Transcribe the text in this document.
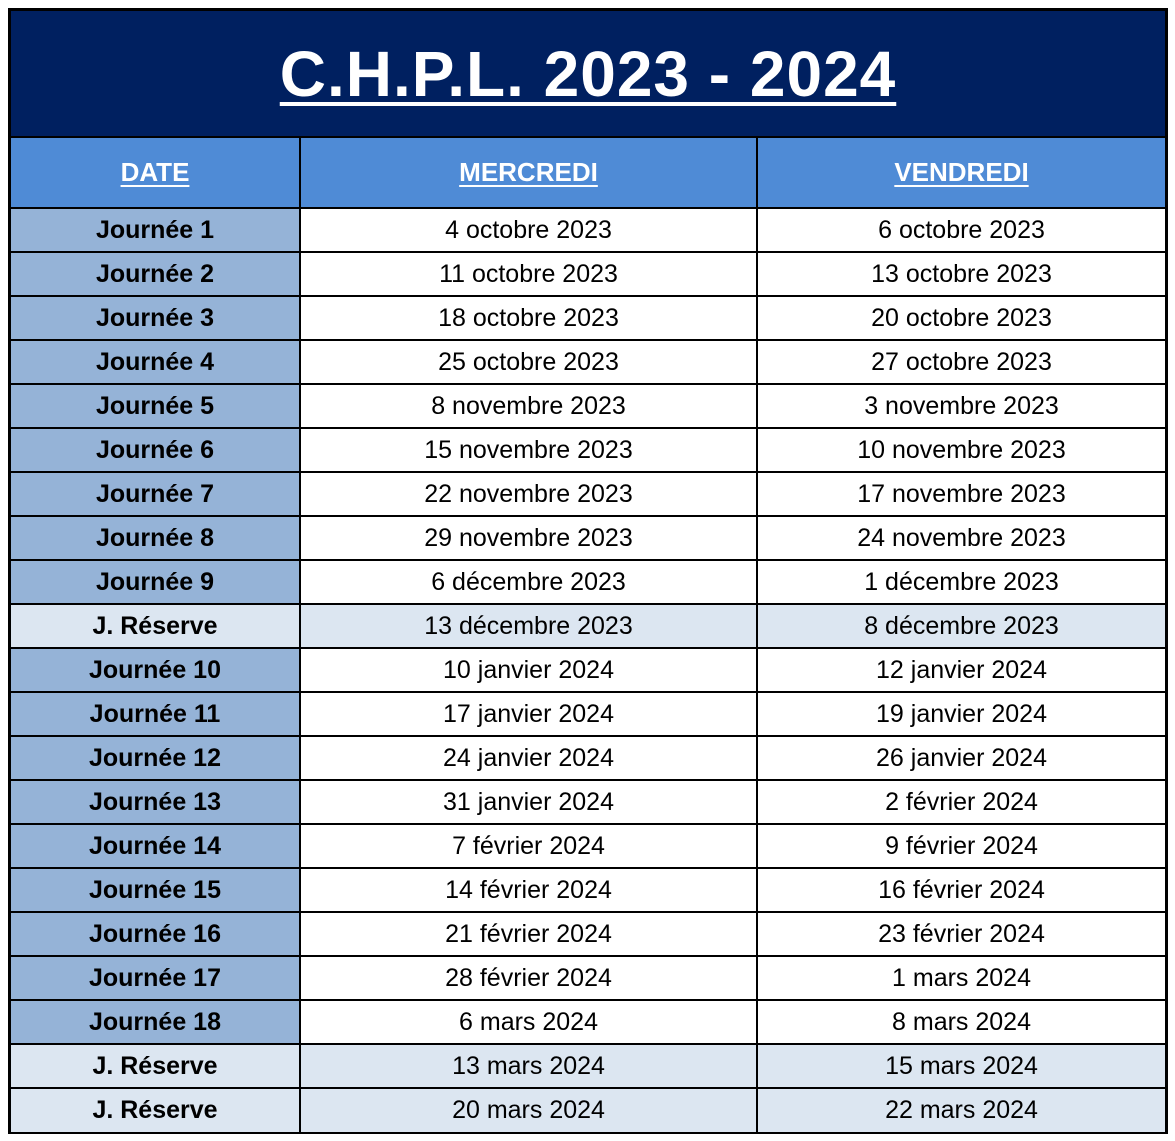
C.H.P.L. 2023 - 2024
DATE	MERCREDI	VENDREDI
Journée 1	4 octobre 2023	6 octobre 2023
Journée 2	11 octobre 2023	13 octobre 2023
Journée 3	18 octobre 2023	20 octobre 2023
Journée 4	25 octobre 2023	27 octobre 2023
Journée 5	8 novembre 2023	3 novembre 2023
Journée 6	15 novembre 2023	10 novembre 2023
Journée 7	22 novembre 2023	17 novembre 2023
Journée 8	29 novembre 2023	24 novembre 2023
Journée 9	6 décembre 2023	1 décembre 2023
J. Réserve	13 décembre 2023	8 décembre 2023
Journée 10	10 janvier 2024	12 janvier 2024
Journée 11	17 janvier 2024	19 janvier 2024
Journée 12	24 janvier 2024	26 janvier 2024
Journée 13	31 janvier 2024	2 février 2024
Journée 14	7 février 2024	9 février 2024
Journée 15	14 février 2024	16 février 2024
Journée 16	21 février 2024	23 février 2024
Journée 17	28 février 2024	1 mars 2024
Journée 18	6 mars 2024	8 mars 2024
J. Réserve	13 mars 2024	15 mars 2024
J. Réserve	20 mars 2024	22 mars 2024
